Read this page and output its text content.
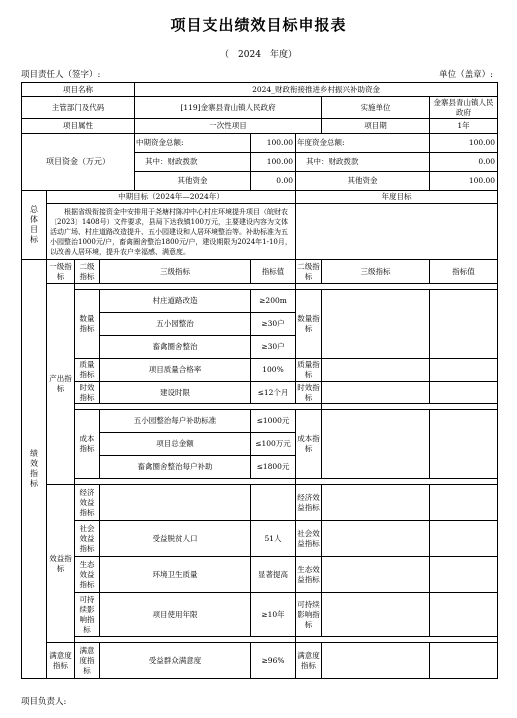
项目支出绩效目标申报表
（　2024　年度）
项目责任人（签字）:	单位（盖章）:
项目名称				2024_财政衔接推进乡村振兴补助资金				
主管部门及代码				[119]金寨县青山镇人民政府			实施单位	金寨县青山镇人民政府
项目属性				一次性项目			项目期	1年
项目资金（万元）				中期资金总额:	100.00	年度资金总额:		100.00
				其中：财政拨款	100.00	其中：财政拨款		0.00
				其他资金	0.00	其他资金		100.00
总体目标	中期目标（2024年—2024年）					年度目标		
	根据省级衔接资金中安排用于尧塘村陈冲中心村庄环境提升项目（皖财农〔2023〕1408号）文件要求，县局下达我镇100万元，主要建设内容为文体活动广场、村庄道路改造提升、五小园建设和人居环境整治等。补助标准为五小园整治1000元/户，畜禽圈舍整治1800元/户，建设期限为2024年1-10月，以改善人居环境，提升农户幸福感、满意度。							
绩效指标	一级指标	二级指标	三级指标		指标值	二级指标	三级指标	指标值
	产出指标							
		数量指标	村庄道路改造		≥200m	数量指标		
			五小园整治		≥30户			
			畜禽圈舍整治		≥30户			
		质量指标	项目质量合格率		100%	质量指标		
		时效指标	建设时限		≤12个月	时效指标		

		成本指标	五小园整治每户补助标准		≤1000元	成本指标		
			项目总金额		≤100万元			
			畜禽圈舍整治每户补助		≤1800元			

	效益指标	经济效益指标				经济效益指标		
		社会效益指标	受益脱贫人口		51人	社会效益指标		
		生态效益指标	环境卫生质量		显著提高	生态效益指标		
		可持续影响指标	项目使用年限		≥10年	可持续影响指标		

	满意度指标	满意度指标	受益群众满意度		≥96%	满意度指标		
项目负责人:
